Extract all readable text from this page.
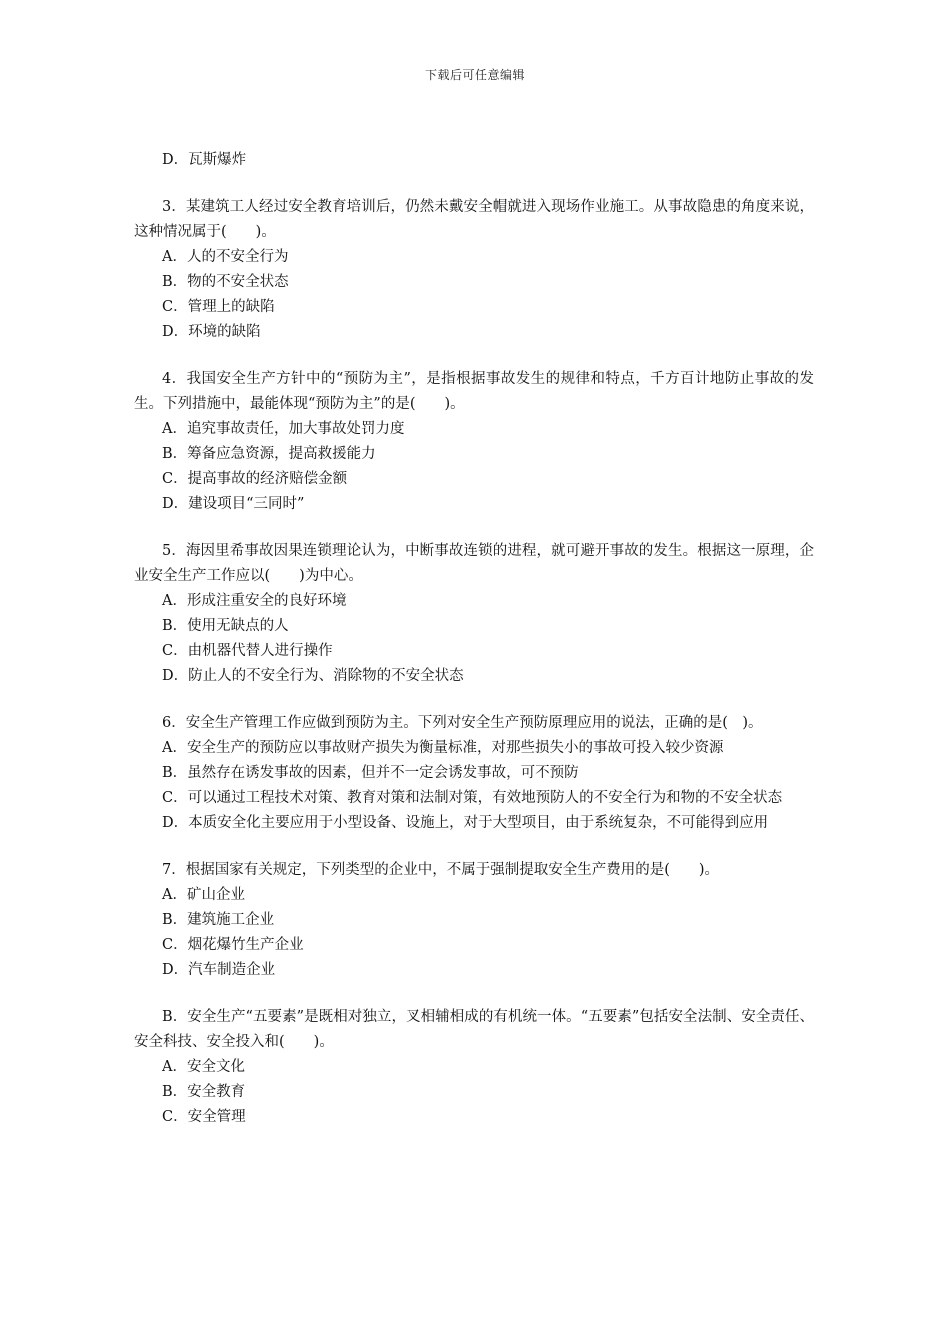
下载后可任意编辑
D．瓦斯爆炸
3．某建筑工人经过安全教育培训后，仍然未戴安全帽就进入现场作业施工。从事故隐患的角度来说，这种情况属于(　　)。
A．人的不安全行为
B．物的不安全状态
C．管理上的缺陷
D．环境的缺陷
4．我国安全生产方针中的“预防为主”，是指根据事故发生的规律和特点，千方百计地防止事故的发生。下列措施中，最能体现“预防为主”的是(　　)。
A．追究事故责任，加大事故处罚力度
B．筹备应急资源，提高救援能力
C．提高事故的经济赔偿金额
D．建设项目“三同时”
5．海因里希事故因果连锁理论认为，中断事故连锁的进程，就可避开事故的发生。根据这一原理，企业安全生产工作应以(　　)为中心。
A．形成注重安全的良好环境
B．使用无缺点的人
C．由机器代替人进行操作
D．防止人的不安全行为、消除物的不安全状态
6．安全生产管理工作应做到预防为主。下列对安全生产预防原理应用的说法，正确的是(　)。
A．安全生产的预防应以事故财产损失为衡量标准，对那些损失小的事故可投入较少资源
B．虽然存在诱发事故的因素，但并不一定会诱发事故，可不预防
C．可以通过工程技术对策、教育对策和法制对策，有效地预防人的不安全行为和物的不安全状态
D．本质安全化主要应用于小型设备、设施上，对于大型项目，由于系统复杂，不可能得到应用
7．根据国家有关规定，下列类型的企业中，不属于强制提取安全生产费用的是(　　)。
A．矿山企业
B．建筑施工企业
C．烟花爆竹生产企业
D．汽车制造企业
B．安全生产“五要素”是既相对独立，叉相辅相成的有机统一体。“五要素”包括安全法制、安全责任、安全科技、安全投入和(　　)。
A．安全文化
B．安全教育
C．安全管理
